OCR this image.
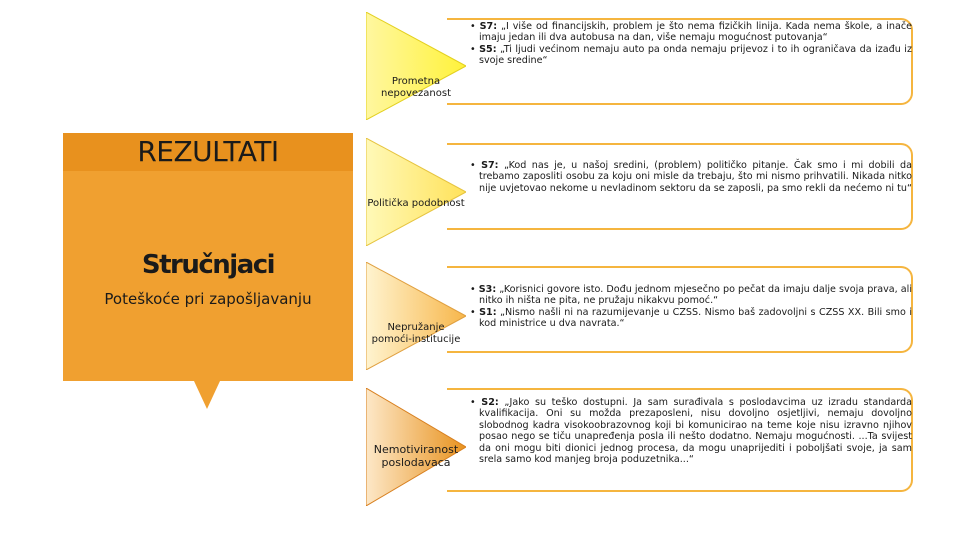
REZULTATI
Stručnjaci
Poteškoće pri zapošljavanju
Prometna nepovezanost

• S7: „I više od financijskih, problem je što nema fizičkih linija. Kada nema škole, a inače imaju jedan ili dva autobusa na dan, više nemaju mogućnost putovanja“

• S5: „Ti ljudi većinom nemaju auto pa onda nemaju prijevoz i to ih ograničava da izađu iz svoje sredine“

Politička podobnost

• S7: „Kod nas je, u našoj sredini, (problem) političko pitanje. Čak smo i mi dobili da trebamo zaposliti osobu za koju oni misle da trebaju, što mi nismo prihvatili. Nikada nitko nije uvjetovao nekome u nevladinom sektoru da se zaposli, pa smo rekli da nećemo ni tu“

Nepružanje pomoći-institucije

• S3: „Korisnici govore isto. Dođu jednom mjesečno po pečat da imaju dalje svoja prava, ali nitko ih ništa ne pita, ne pružaju nikakvu pomoć.“

• S1: „Nismo našli ni na razumijevanje u CZSS. Nismo baš zadovoljni s CZSS XX. Bili smo i kod ministrice u dva navrata.“

Nemotiviranost poslodavaca

• S2: „Jako su teško dostupni. Ja sam surađivala s poslodavcima uz izradu standarda kvalifikacija. Oni su možda prezaposleni, nisu dovoljno osjetljivi, nemaju dovoljno slobodnog kadra visokoobrazovnog koji bi komunicirao na teme koje nisu izravno njihov posao nego se tiču unapređenja posla ili nešto dodatno. Nemaju mogućnosti. ...Ta svijest da oni mogu biti dionici jednog procesa, da mogu unaprijediti i poboljšati svoje, ja sam srela samo kod manjeg broja poduzetnika...“
